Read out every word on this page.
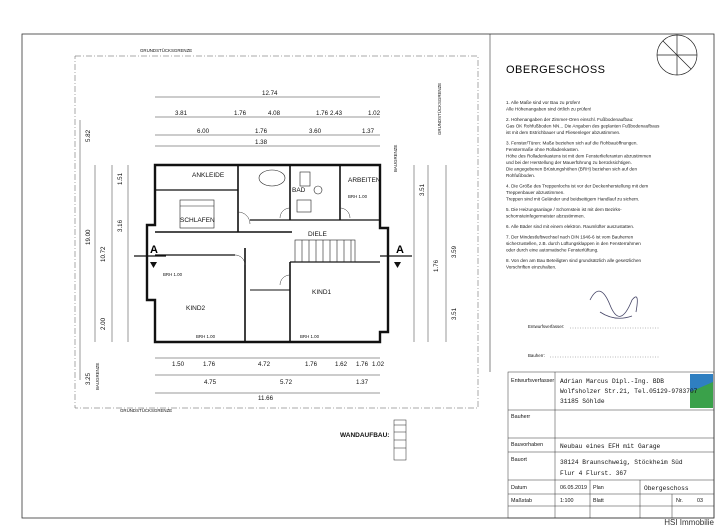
GRUNDSTÜCKSGRENZE
GRUNDSTÜCKSGRENZE
GRUNDSTÜCKSGRENZE
BAUGRENZE
BAUGRENZE
ANKLEIDE
BAD
ARBEITEN
SCHLAFEN
DIELE
KIND1
KIND2
A	A
12.74
3.81	1.76	4.08	1.76 2.43	1.02
6.00	1.76	3.60	1.37
1.38
1.50	1.76	4.72	1.76	1.62 1.76 1.02
4.75	5.72	1.37
11.66
19.00
10.72
5.82
2.00
3.25
3.16
1.51
3.51
3.59
3.51
1.76
BRH 1.00	BRH 1.00
BRH 1.00
BRH 1.00
WANDAUFBAU:
OBERGESCHOSS
1. Alle Maße sind vor Bau zu prüfen!
Alle Höhenangaben sind örtlich zu prüfen!
2. Höhenangaben der Zimmer-Oren einschl. Fußbodenaufbau:
Gas OK Rohfußboden NN... Die Angaben des geplanten Fußbodenaufbaus
ist mit dem Estrichbauer und Fliesenleger abzustimmen.
3. Fenster/Türen: Maße beziehen sich auf die Rohbauöffnungen.
Fenstermaße ohne Rolladenkasten.
Höhe des Rolladenkastens ist mit dem Fensterlieferanten abzustimmen
und bei der Herstellung der Mauerführung zu berücksichtigen.
Die angegebenen Brüstungshöhen (BRH) beziehen sich auf den
Rohfußboden.
4. Die Größe des Treppenlochs ist vor der Deckenherstellung mit dem
Treppenbauer abzustimmen.
Treppen sind mit Geländer und beidseitigem Handlauf zu sichern.
5. Die Heizungsanlage / Schornstein ist mit dem Bezirks-
schornsteinfegermeister abzustimmen.
6. Alle Bäder sind mit einem elektron. Raumlüfter auszustatten.
7. Der Mindestluftwechsel nach DIN 1946-6 ist vom Bauherren
sicherzustellen, z.B. durch Lüftungsklappen in den Fensterrahmen
oder durch eine automatische Fensterlüftung.
8. Von den am Bau Beteiligten sind grundsätzlich alle gesetzlichen
Vorschriften einzuhalten.
Entwurfsverfasser:
Bauherr:
Entwurfsverfasser Adrian Marcus Dipl.-Ing. BDB
Wolfsholzer Str.21, Tel.05129-9783707
31185 Söhlde
Bauherr
Bauvorhaben	Neubau eines EFH mit Garage
Bauort	38124 Braunschweig, Stöckheim Süd
Flur 4 Flurst. 367
Datum	06.05.2019 Plan	Obergeschoss
Maßstab	1:100	Blatt	Nr.	03
HSI Immobilie
